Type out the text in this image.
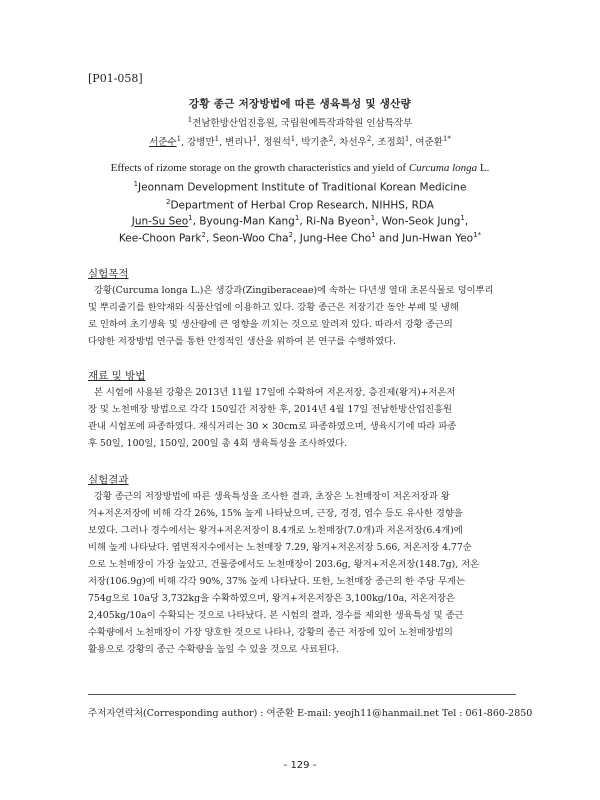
[P01-058]
강황 종근 저장방법에 따른 생육특성 및 생산량
$^1$전남한방산업진흥원, 국립원예특작과학원 인삼특작부
서준수$^1$, 강병만$^1$, 변리나$^1$, 정원석$^1$, 박기춘$^2$, 차선우$^2$, 조정희$^1$, 여준환$^{1*}$
Effects of rizome storage on the growth characteristics and yield of Curcuma longa L.
$^1$Jeonnam Development Institute of Traditional Korean Medicine
$^2$Department of Herbal Crop Research, NIHHS, RDA
Jun-Su Seo$^1$, Byoung-Man Kang$^1$, Ri-Na Byeon$^1$, Won-Seok Jung$^1$,
Kee-Choon Park$^2$, Seon-Woo Cha$^2$, Jung-Hee Cho$^1$ and Jun-Hwan Yeo$^{1*}$
실험목적
강황(Curcuma longa L.)은 생강과(Zingiberaceae)에 속하는 다년생 열대 초본식물로 덩이뿌리
및 뿌리줄기를 한약재와 식품산업에 이용하고 있다. 강황 종근은 저장기간 동안 부패 및 냉해
로 인하여 초기생육 및 생산량에 큰 영향을 끼치는 것으로 알려져 있다. 따라서 강황 종근의
다양한 저장방법 연구를 통한 안정적인 생산을 위하여 본 연구를 수행하였다.
재료 및 방법
본 시험에 사용된 강황은 2013년 11월 17일에 수확하여 저온저장, 층진제(왕겨)+저온저
장 및 노천매장 방법으로 각각 150일간 저장한 후, 2014년 4월 17일 전남한방산업진흥원
관내 시험포에 파종하였다. 재식거리는 30 × 30cm로 파종하였으며, 생육시기에 따라 파종
후 50일, 100일, 150일, 200일 총 4회 생육특성을 조사하였다.
실험결과
강황 종근의 저장방법에 따른 생육특성을 조사한 결과, 초장은 노천매장이 저온저장과 왕
겨+저온저장에 비해 각각 26%, 15% 높게 나타났으며, 근장, 경경, 엽수 등도 유사한 경향을
보였다. 그러나 경수에서는 왕겨+저온저장이 8.4개로 노천매장(7.0개)과 저온저장(6.4개)에
비해 높게 나타났다. 엽면적지수에서는 노천매장 7.29, 왕겨+저온저장 5.66, 저온저장 4.77순
으로 노천매장이 가장 높았고, 건물중에서도 노천매장이 203.6g, 왕겨+저온저장(148.7g), 저온
저장(106.9g)에 비해 각각 90%, 37% 높게 나타났다. 또한, 노천매장 종근의 한 주당 무게는
754g으로 10a당 3,732kg을 수확하였으며, 왕겨+저온저장은 3,100kg/10a, 저온저장은
2,405kg/10a이 수확되는 것으로 나타났다. 본 시험의 결과, 경수를 제외한 생육특성 및 종근
수확량에서 노천매장이 가장 양호한 것으로 나타나, 강황의 종근 저장에 있어 노천매장법의
활용으로 강황의 종근 수확량을 높일 수 있을 것으로 사료된다.
주저자연락처(Corresponding author) : 여준환 E-mail: yeojh11@hanmail.net Tel : 061-860-2850
- 129 -
